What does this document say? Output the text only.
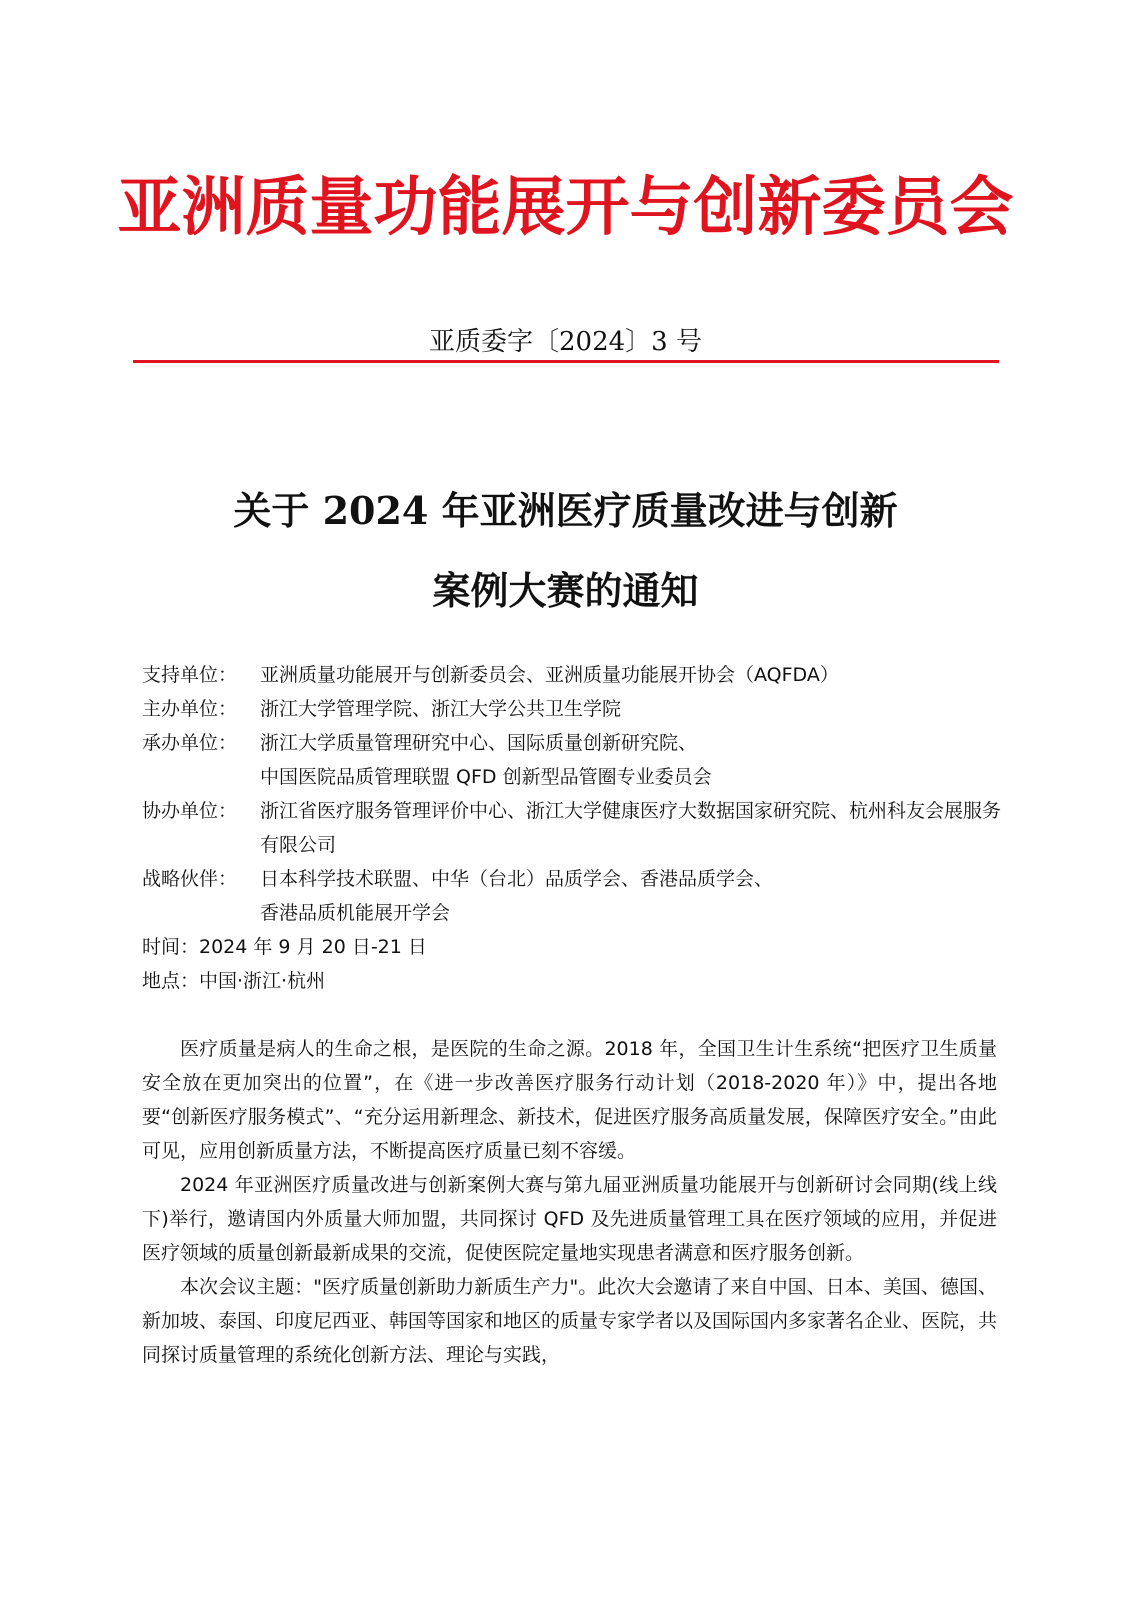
亚洲质量功能展开与创新委员会
亚质委字〔2024〕3 号
关于 2024 年亚洲医疗质量改进与创新
案例大赛的通知
支持单位：	亚洲质量功能展开与创新委员会、亚洲质量功能展开协会（AQFDA）
主办单位：	浙江大学管理学院、浙江大学公共卫生学院
承办单位：	浙江大学质量管理研究中心、国际质量创新研究院、
中国医院品质管理联盟 QFD 创新型品管圈专业委员会
协办单位：	浙江省医疗服务管理评价中心、浙江大学健康医疗大数据国家研究院、杭州科友会展服务有限公司
战略伙伴：	日本科学技术联盟、中华（台北）品质学会、香港品质学会、
香港品质机能展开学会
时间：2024 年 9 月 20 日-21 日
地点：中国·浙江·杭州

医疗质量是病人的生命之根，是医院的生命之源。2018 年，全国卫生计生系统“把医疗卫生质量安全放在更加突出的位置”，在《进一步改善医疗服务行动计划（2018-2020 年）》中，提出各地要“创新医疗服务模式”、“充分运用新理念、新技术，促进医疗服务高质量发展，保障医疗安全。”由此可见，应用创新质量方法，不断提高医疗质量已刻不容缓。

2024 年亚洲医疗质量改进与创新案例大赛与第九届亚洲质量功能展开与创新研讨会同期(线上线下)举行，邀请国内外质量大师加盟，共同探讨 QFD 及先进质量管理工具在医疗领域的应用，并促进医疗领域的质量创新最新成果的交流，促使医院定量地实现患者满意和医疗服务创新。

本次会议主题："医疗质量创新助力新质生产力"。此次大会邀请了来自中国、日本、美国、德国、新加坡、泰国、印度尼西亚、韩国等国家和地区的质量专家学者以及国际国内多家著名企业、医院，共同探讨质量管理的系统化创新方法、理论与实践，
